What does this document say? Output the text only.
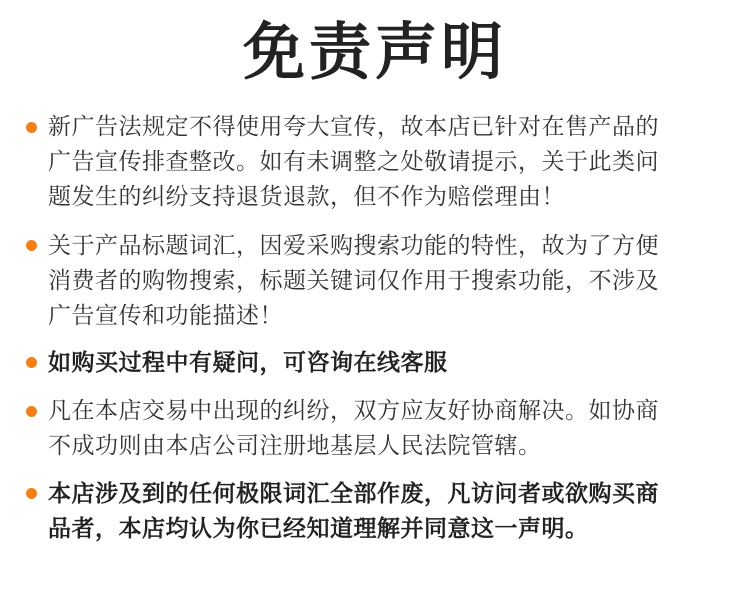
免责声明
新广告法规定不得使用夸大宣传，故本店已针对在售产品的
广告宣传排查整改。如有未调整之处敬请提示，关于此类问
题发生的纠纷支持退货退款，但不作为赔偿理由！
关于产品标题词汇，因爱采购搜索功能的特性，故为了方便
消费者的购物搜索，标题关键词仅作用于搜索功能，不涉及
广告宣传和功能描述！
如购买过程中有疑问，可咨询在线客服
凡在本店交易中出现的纠纷，双方应友好协商解决。如协商
不成功则由本店公司注册地基层人民法院管辖。
本店涉及到的任何极限词汇全部作废，凡访问者或欲购买商
品者，本店均认为你已经知道理解并同意这一声明。
